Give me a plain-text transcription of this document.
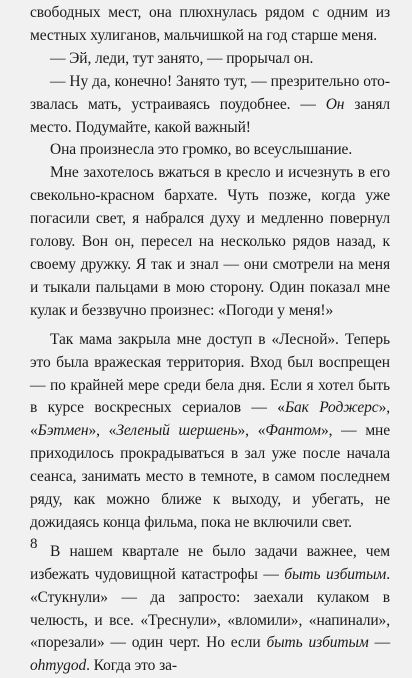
свободных мест, она плюхнулась рядом с одним из местных хулиганов, мальчишкой на год старше меня.

— Эй, леди, тут занято, — прорычал он.

— Ну да, конечно! Занято тут, — презрительно отозвалась мать, устраиваясь поудобнее. — Он занял место. Подумайте, какой важный!

Она произнесла это громко, во всеуслышание.

Мне захотелось вжаться в кресло и исчезнуть в его свекольно-красном бархате. Чуть позже, когда уже погасили свет, я набрался духу и медленно повернул голову. Вон он, пересел на несколько рядов назад, к своему дружку. Я так и знал — они смотрели на меня и тыкали пальцами в мою сторону. Один показал мне кулак и беззвучно произнес: «Погоди у меня!»

Так мама закрыла мне доступ в «Лесной». Теперь это была вражеская территория. Вход был воспрещен — по крайней мере среди бела дня. Если я хотел быть в курсе воскресных сериалов — «Бак Роджерс», «Бэтмен», «Зеленый шершень», «Фантом», — мне приходилось прокрадываться в зал уже после начала сеанса, занимать место в темноте, в самом последнем ряду, как можно ближе к выходу, и убегать, не дожидаясь конца фильма, пока не включили свет.

В нашем квартале не было задачи важнее, чем избежать чудовищной катастрофы — быть избитым. «Стукнули» — да запросто: заехали кулаком в челюсть, и все. «Треснули», «вломили», «напинали», «порезали» — один черт. Но если быть избитым — ohmygod. Когда это за-

8
